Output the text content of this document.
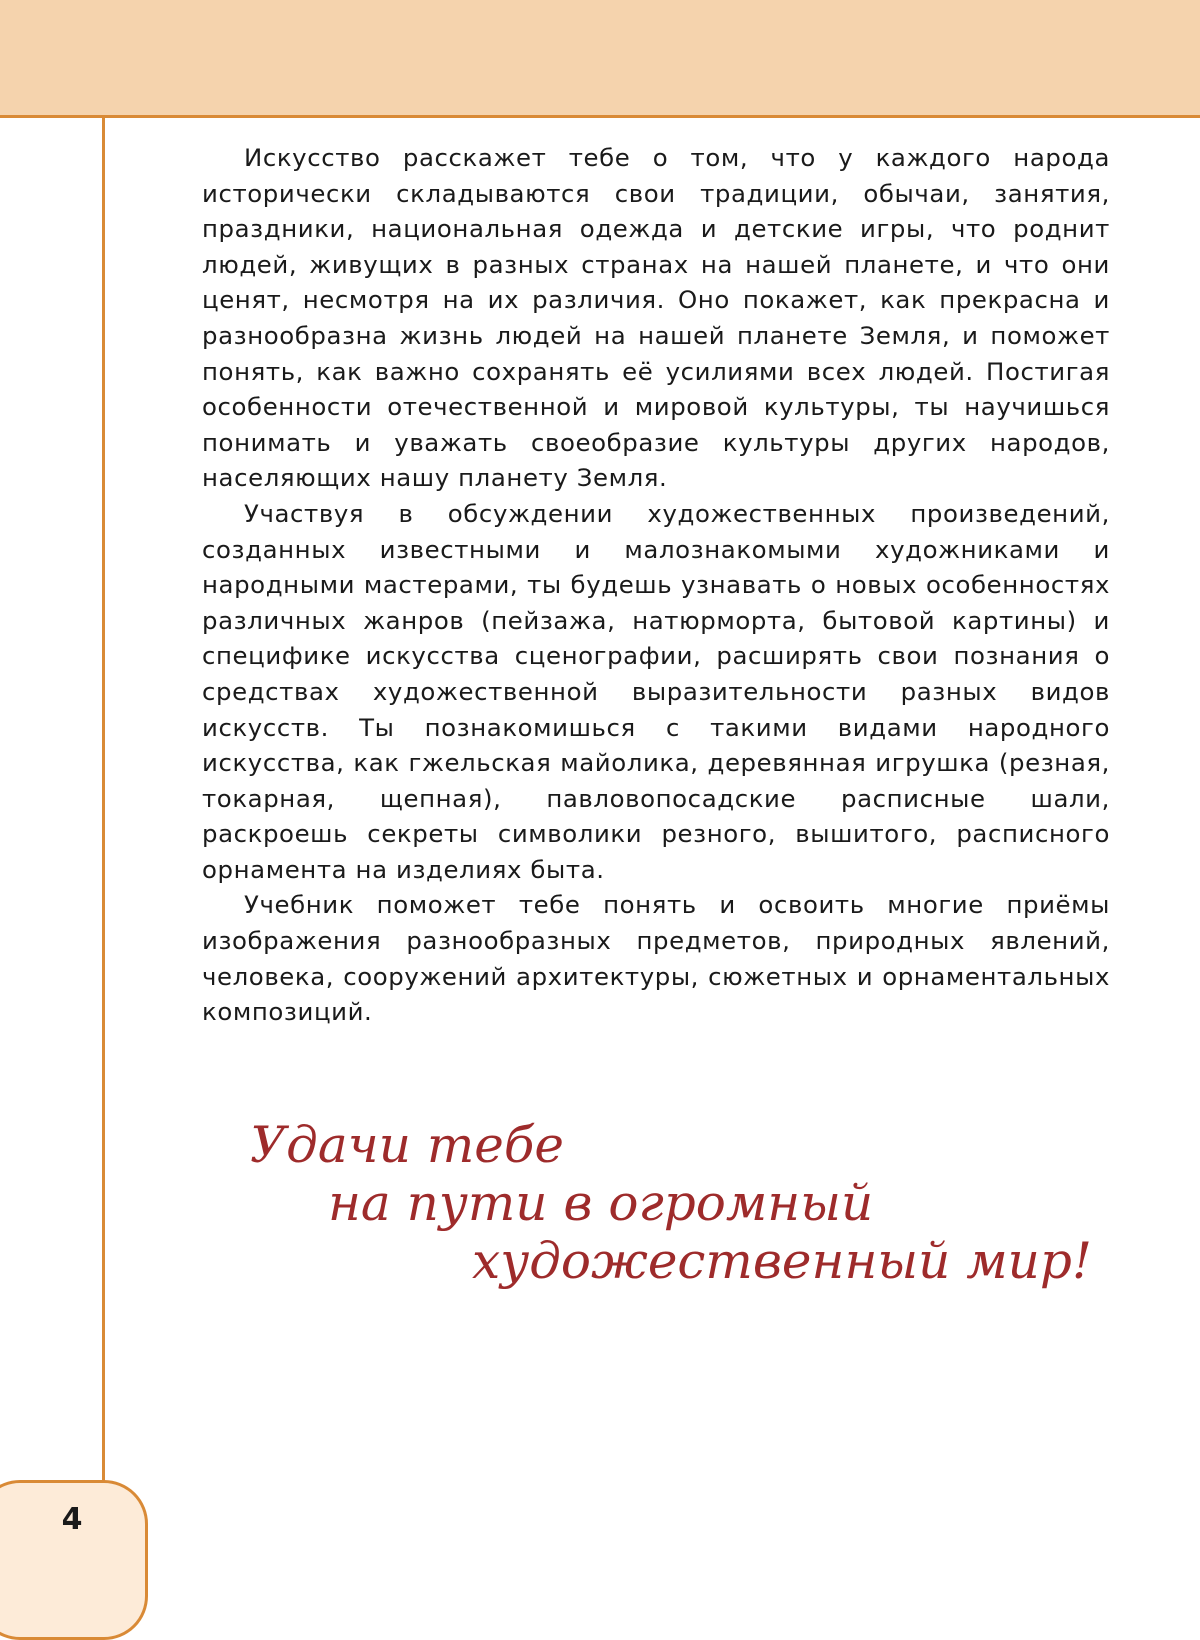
Искусство расскажет тебе о том, что у каждого народа исторически складываются свои традиции, обычаи, занятия, праздники, национальная одежда и детские игры, что роднит людей, живущих в разных странах на нашей планете, и что они ценят, несмотря на их различия. Оно покажет, как прекрасна и разнообразна жизнь людей на нашей планете Земля, и поможет понять, как важно сохранять её усилиями всех людей. Постигая особенности отечественной и мировой культуры, ты научишься понимать и уважать своеобразие культуры других народов, населяющих нашу планету Земля.

Участвуя в обсуждении художественных произведений, созданных известными и малознакомыми художниками и народными мастерами, ты будешь узнавать о новых особенностях различных жанров (пейзажа, натюрморта, бытовой картины) и специфике искусства сценографии, расширять свои познания о средствах художественной выразительности разных видов искусств. Ты познакомишься с такими видами народного искусства, как гжельская майолика, деревянная игрушка (резная, токарная, щепная), павловопосадские расписные шали, раскроешь секреты символики резного, вышитого, расписного орнамента на изделиях быта.

Учебник поможет тебе понять и освоить многие приёмы изображения разнообразных предметов, природных явлений, человека, сооружений архитектуры, сюжетных и орнаментальных композиций.

Удачи тебе
на пути в огромный
художественный мир!
4
